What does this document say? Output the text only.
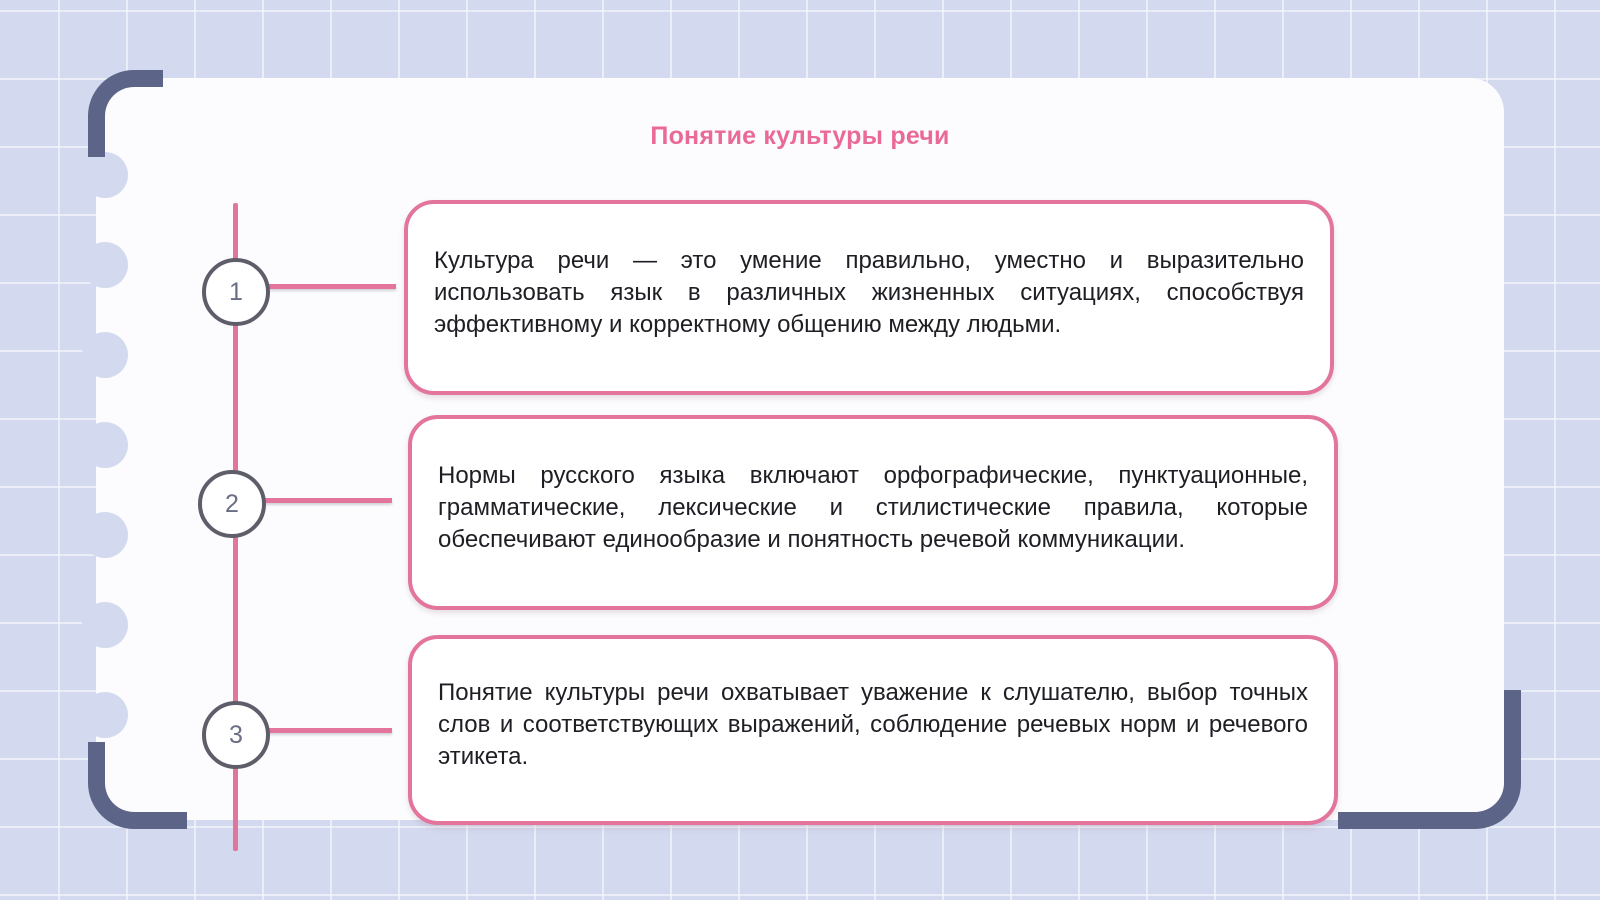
Понятие культуры речи
1
2
3
Культура речи — это умение правильно, уместно и выразительно использовать язык в различных жизненных ситуациях, способствуя эффективному и корректному общению между людьми.
Нормы русского языка включают орфографические, пунктуационные, грамматические, лексические и стилистические правила, которые обеспечивают единообразие и понятность речевой коммуникации.
Понятие культуры речи охватывает уважение к слушателю, выбор точных слов и соответствующих выражений, соблюдение речевых норм и речевого этикета.
